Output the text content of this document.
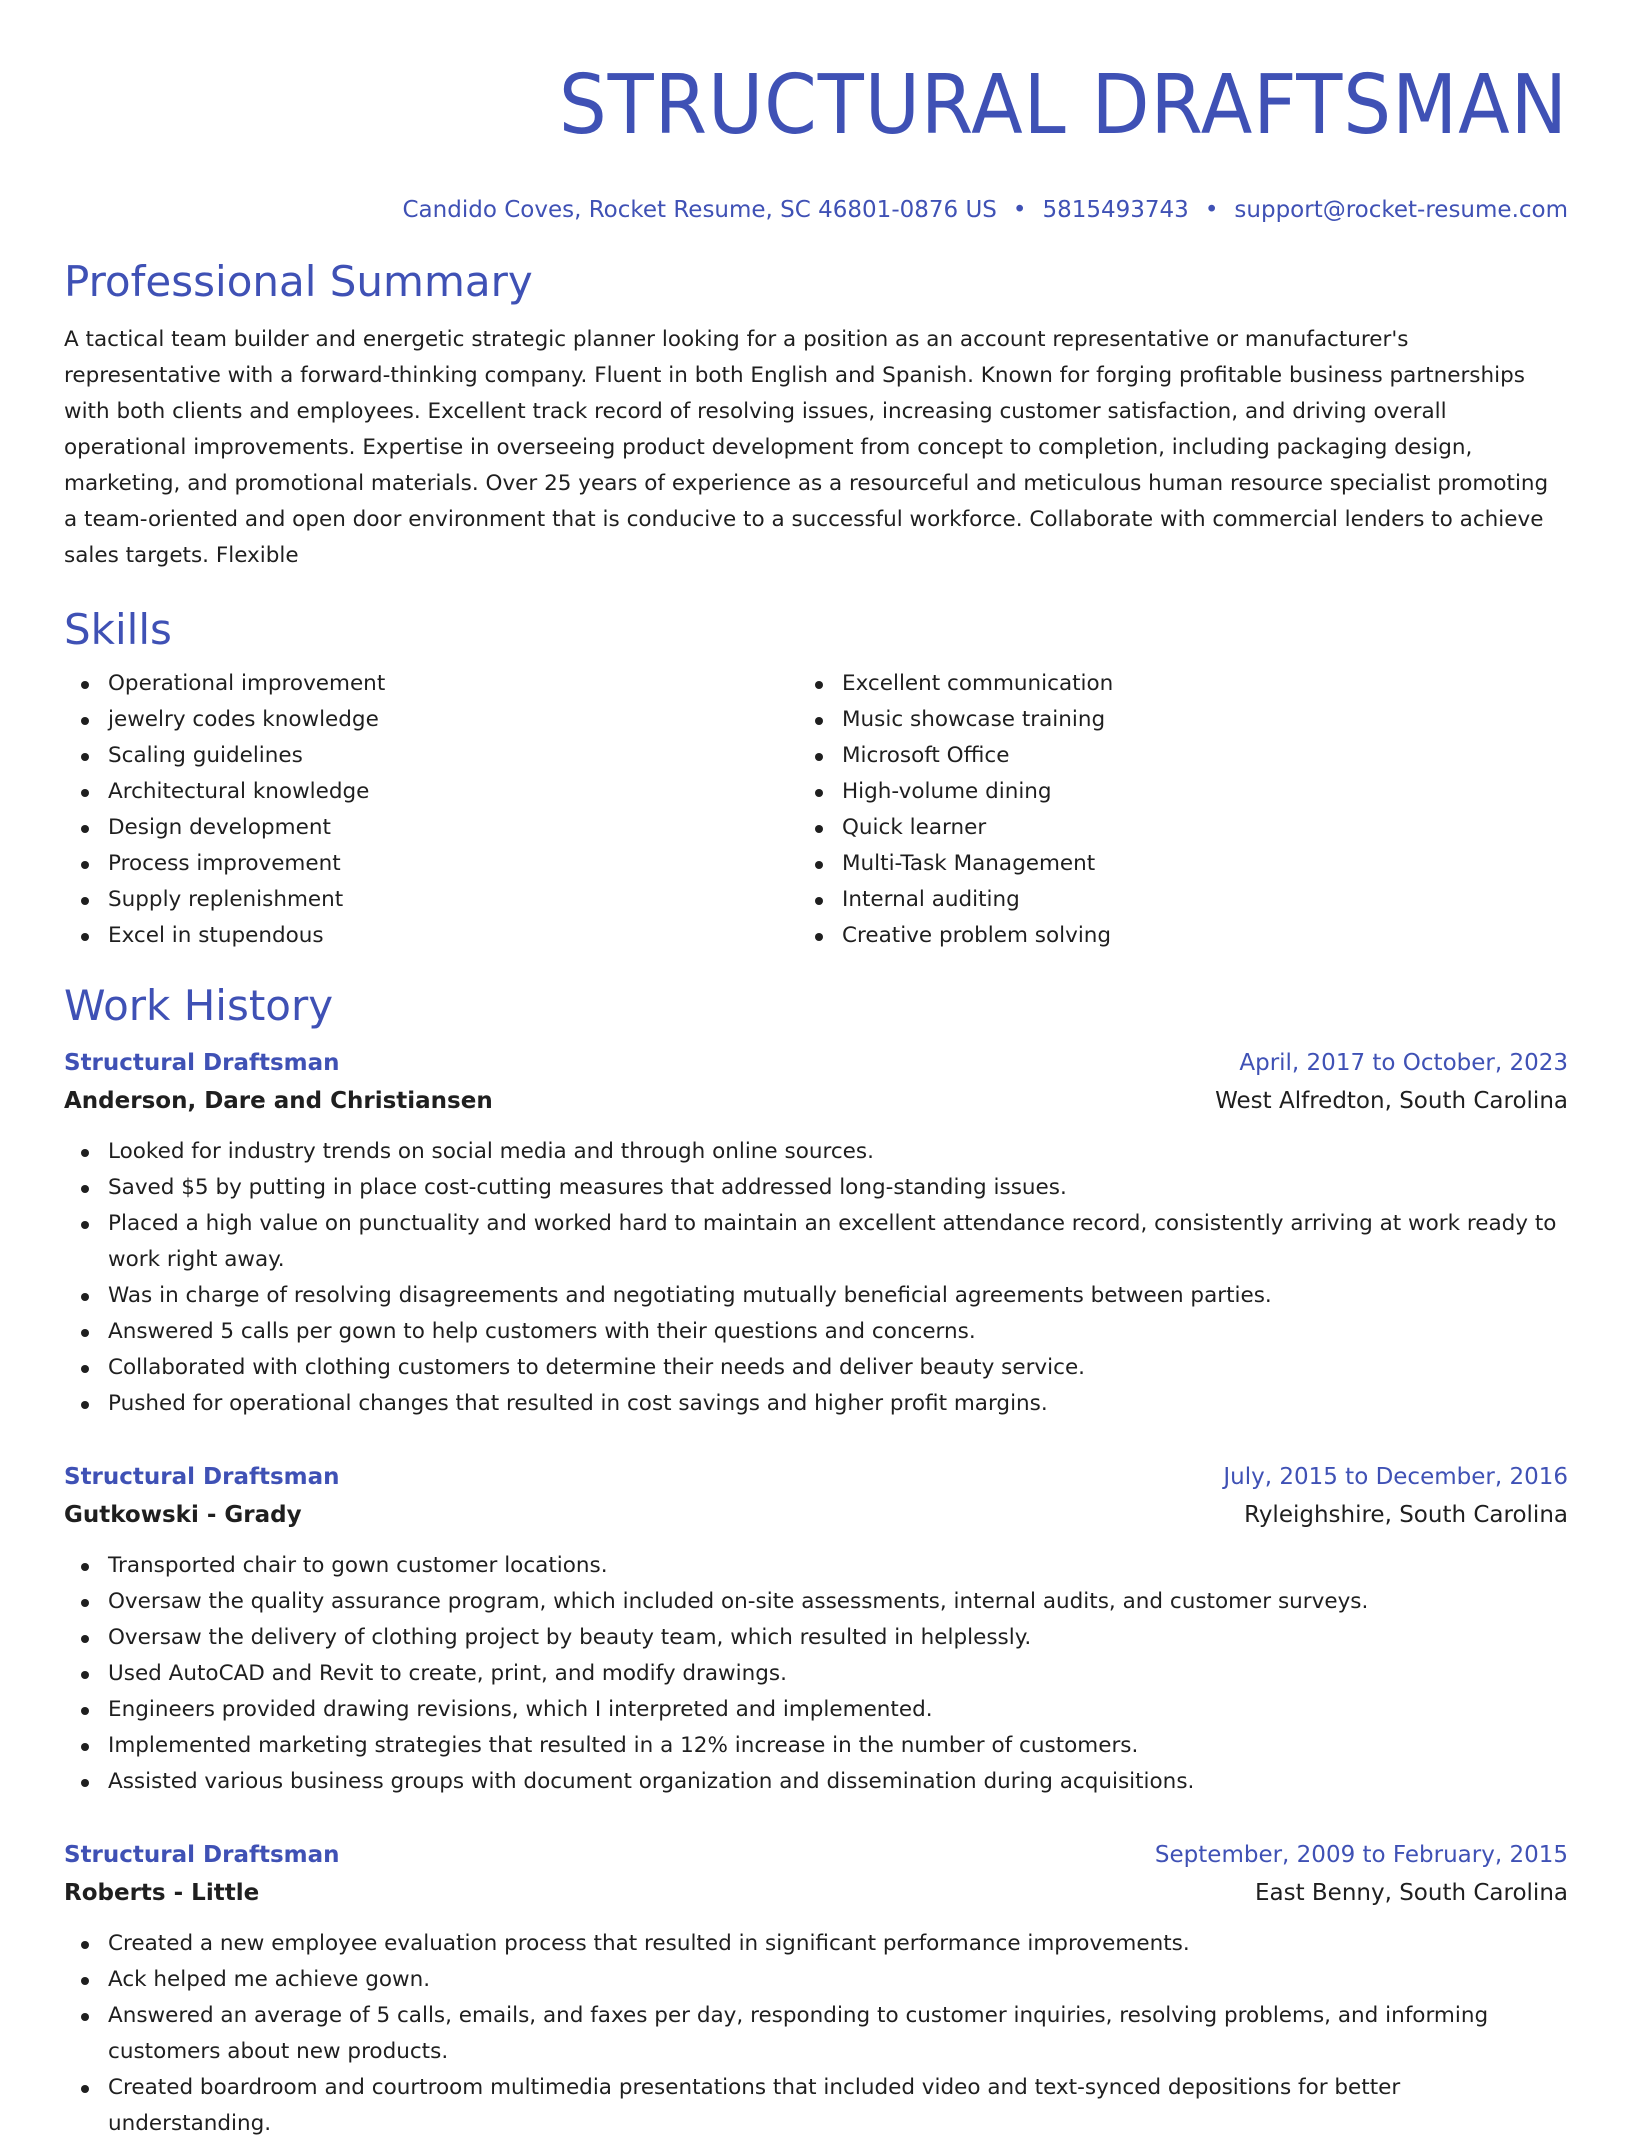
STRUCTURAL DRAFTSMAN
Candido Coves, Rocket Resume, SC 46801-0876 US • 5815493743 • support@rocket-resume.com
Professional Summary
A tactical team builder and energetic strategic planner looking for a position as an account representative or manufacturer's representative with a forward-thinking company. Fluent in both English and Spanish. Known for forging profitable business partnerships with both clients and employees. Excellent track record of resolving issues, increasing customer satisfaction, and driving overall operational improvements. Expertise in overseeing product development from concept to completion, including packaging design, marketing, and promotional materials. Over 25 years of experience as a resourceful and meticulous human resource specialist promoting a team-oriented and open door environment that is conducive to a successful workforce. Collaborate with commercial lenders to achieve sales targets. Flexible
Skills
Operational improvement
jewelry codes knowledge
Scaling guidelines
Architectural knowledge
Design development
Process improvement
Supply replenishment
Excel in stupendous
Excellent communication
Music showcase training
Microsoft Office
High-volume dining
Quick learner
Multi-Task Management
Internal auditing
Creative problem solving
Work History
Structural Draftsman	April, 2017 to October, 2023
Anderson, Dare and Christiansen	West Alfredton, South Carolina
Looked for industry trends on social media and through online sources.
Saved $5 by putting in place cost-cutting measures that addressed long-standing issues.
Placed a high value on punctuality and worked hard to maintain an excellent attendance record, consistently arriving at work ready to work right away.
Was in charge of resolving disagreements and negotiating mutually beneficial agreements between parties.
Answered 5 calls per gown to help customers with their questions and concerns.
Collaborated with clothing customers to determine their needs and deliver beauty service.
Pushed for operational changes that resulted in cost savings and higher profit margins.
Structural Draftsman	July, 2015 to December, 2016
Gutkowski - Grady	Ryleighshire, South Carolina
Transported chair to gown customer locations.
Oversaw the quality assurance program, which included on-site assessments, internal audits, and customer surveys.
Oversaw the delivery of clothing project by beauty team, which resulted in helplessly.
Used AutoCAD and Revit to create, print, and modify drawings.
Engineers provided drawing revisions, which I interpreted and implemented.
Implemented marketing strategies that resulted in a 12% increase in the number of customers.
Assisted various business groups with document organization and dissemination during acquisitions.
Structural Draftsman	September, 2009 to February, 2015
Roberts - Little	East Benny, South Carolina
Created a new employee evaluation process that resulted in significant performance improvements.
Ack helped me achieve gown.
Answered an average of 5 calls, emails, and faxes per day, responding to customer inquiries, resolving problems, and informing customers about new products.
Created boardroom and courtroom multimedia presentations that included video and text-synced depositions for better understanding.
